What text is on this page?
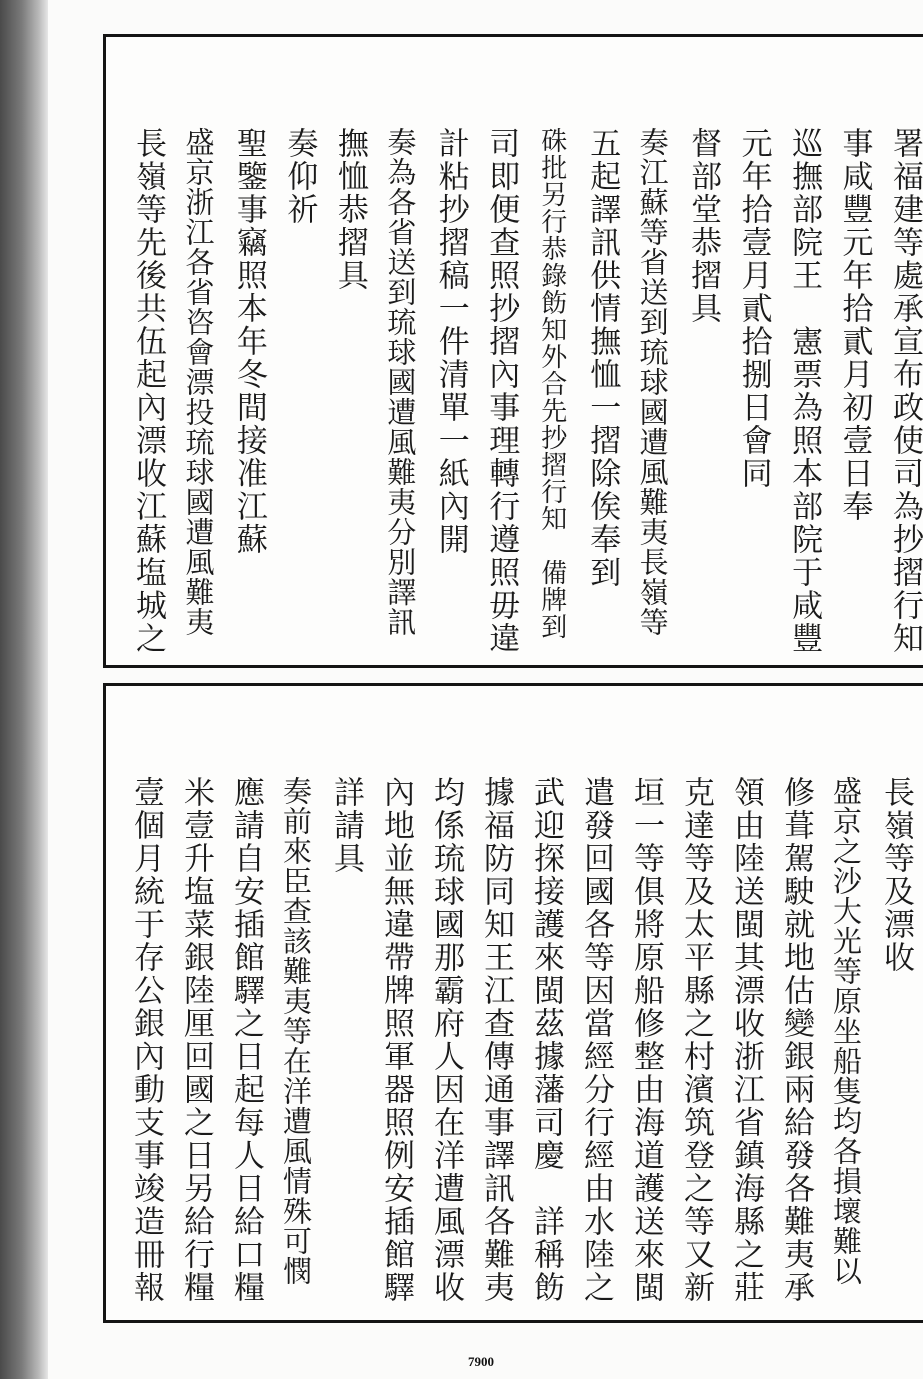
署福建等處承宣布政使司為抄摺行知
事咸豐元年拾貳月初壹日奉
巡撫部院王　憲票為照本部院于咸豐
元年拾壹月貳拾捌日會同
督部堂恭摺具
奏江蘇等省送到琉球國遭風難夷長嶺等
五起譯訊供情撫恤一摺除俟奉到
硃批另行恭錄飭知外合先抄摺行知　備牌到
司即便查照抄摺內事理轉行遵照毋違
計粘抄摺稿一件清單一紙內開
奏為各省送到琉球國遭風難夷分別譯訊
撫恤恭摺具
奏仰祈
聖鑒事竊照本年冬間接准江蘇
盛京浙江各省咨會漂投琉球國遭風難夷
長嶺等先後共伍起內漂收江蘇塩城之
長嶺等及漂收
盛京之沙大光等原坐船隻均各損壞難以
修葺駕駛就地估變銀兩給發各難夷承
領由陸送閩其漂收浙江省鎮海縣之莊
克達等及太平縣之村濱筑登之等又新
垣一等俱將原船修整由海道護送來閩
遣發回國各等因當經分行經由水陸之
武迎探接護來閩茲據藩司慶　詳稱飭
據福防同知王江查傳通事譯訊各難夷
均係琉球國那霸府人因在洋遭風漂收
內地並無違帶牌照軍器照例安插館驛
詳請具
奏前來臣查該難夷等在洋遭風情殊可憫
應請自安插館驛之日起每人日給口糧
米壹升塩菜銀陸厘回國之日另給行糧
壹個月統于存公銀內動支事竣造冊報
7900
